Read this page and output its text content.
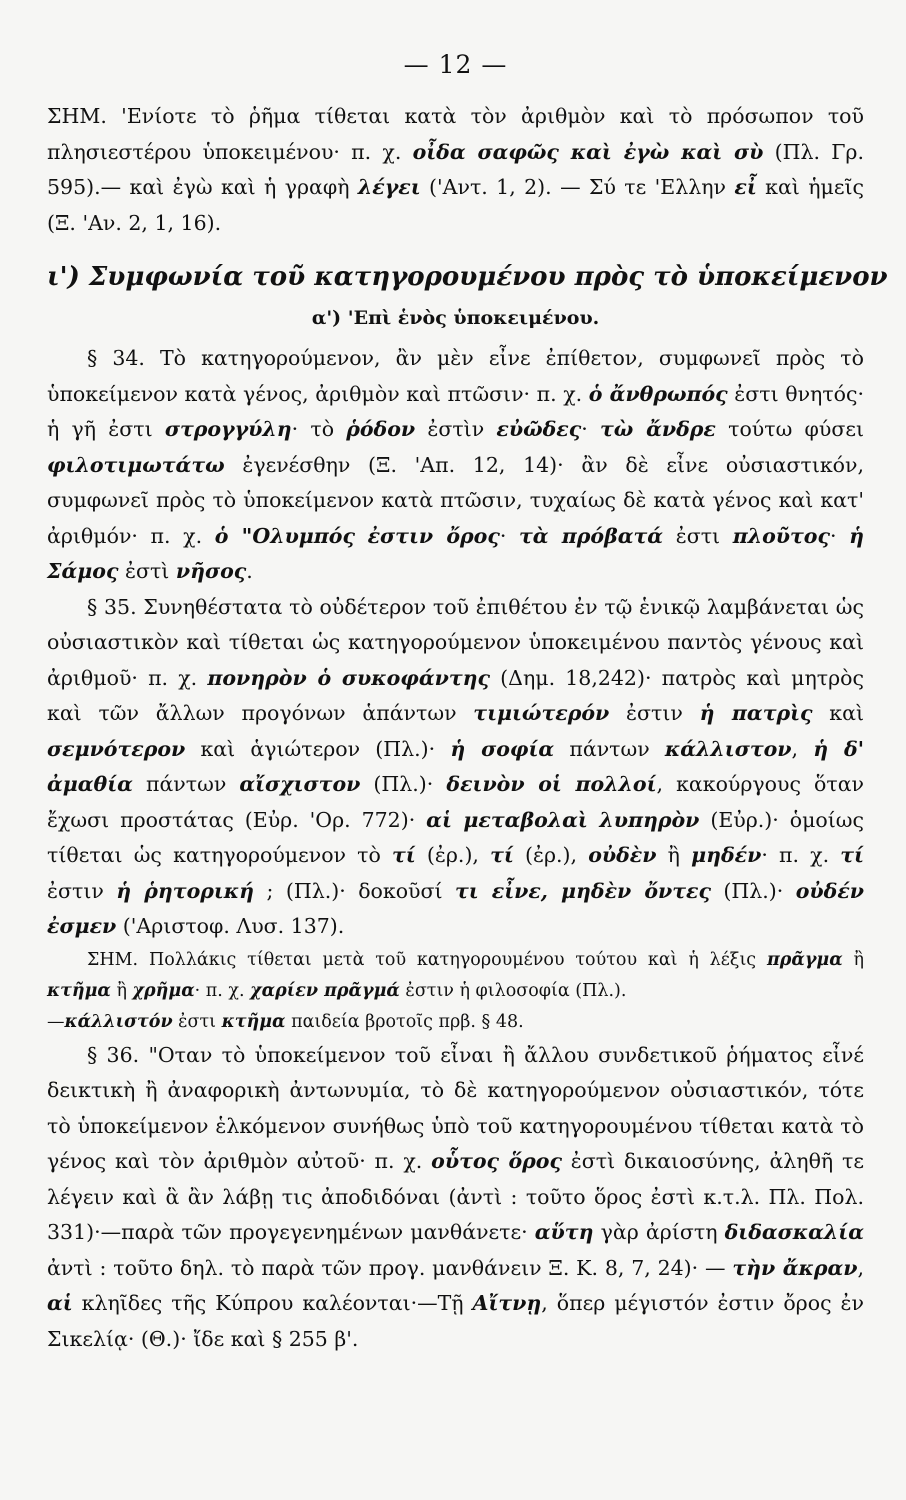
— 12 —

ΣΗΜ. 'Ενίοτε τὸ ῥῆμα τίθεται κατὰ τὸν ἀριθμὸν καὶ τὸ πρόσωπον τοῦ πλησιεστέρου ὑποκειμένου· π. χ. οἶδα σαφῶς καὶ ἐγὼ καὶ σὺ (Πλ. Γρ. 595).— καὶ ἐγὼ καὶ ἡ γραφὴ λέγει ('Αντ. 1, 2). — Σύ τε 'Ελλην εἶ καὶ ἡμεῖς (Ξ. 'Αν. 2, 1, 16).

ι') Συμφωνία τοῦ κατηγορουμένου πρὸς τὸ ὑποκείμενον
α') 'Επὶ ἑνὸς ὑποκειμένου.

§ 34. Τὸ κατηγορούμενον, ἂν μὲν εἶνε ἐπίθετον, συμφωνεῖ πρὸς τὸ ὑποκείμενον κατὰ γένος, ἀριθμὸν καὶ πτῶσιν· π. χ. ὁ ἄνθρωπός ἐστι θνητός· ἡ γῆ ἐστι στρογγύλη· τὸ ῥόδον ἐστὶν εὐῶδες· τὼ ἄνδρε τούτω φύσει φιλοτιμωτάτω ἐγενέσθην (Ξ. 'Απ. 12, 14)· ἂν δὲ εἶνε οὐσιαστικόν, συμφωνεῖ πρὸς τὸ ὑποκείμενον κατὰ πτῶσιν, τυχαίως δὲ κατὰ γένος καὶ κατ' ἀριθμόν· π. χ. ὁ "Ολυμπός ἐστιν ὄρος· τὰ πρόβατά ἐστι πλοῦτος· ἡ Σάμος ἐστὶ νῆσος.

§ 35. Συνηθέστατα τὸ οὐδέτερον τοῦ ἐπιθέτου ἐν τῷ ἑνικῷ λαμβάνεται ὡς οὐσιαστικὸν καὶ τίθεται ὡς κατηγορούμενον ὑποκειμένου παντὸς γένους καὶ ἀριθμοῦ· π. χ. πονηρὸν ὁ συκοφάντης (Δημ. 18,242)· πατρὸς καὶ μητρὸς καὶ τῶν ἄλλων προγόνων ἁπάντων τιμιώτερόν ἐστιν ἡ πατρὶς καὶ σεμνότερον καὶ ἁγιώτερον (Πλ.)· ἡ σοφία πάντων κάλλιστον, ἡ δ' ἀμαθία πάντων αἴσχιστον (Πλ.)· δεινὸν οἱ πολλοί, κακούργους ὅταν ἔχωσι προστάτας (Εὐρ. 'Ορ. 772)· αἱ μεταβολαὶ λυπηρὸν (Εὐρ.)· ὁμοίως τίθεται ὡς κατηγορούμενον τὸ τί (ἐρ.), τί (ἐρ.), οὐδὲν ἢ μηδέν· π. χ. τί ἐστιν ἡ ῥητορική ; (Πλ.)· δοκοῦσί τι εἶνε, μηδὲν ὄντες (Πλ.)· οὐδέν ἐσμεν ('Αριστοφ. Λυσ. 137).

ΣΗΜ. Πολλάκις τίθεται μετὰ τοῦ κατηγορουμένου τούτου καὶ ἡ λέξις πρᾶγμα ἢ κτῆμα ἢ χρῆμα· π. χ. χαρίεν πρᾶγμά ἐστιν ἡ φιλοσοφία (Πλ.).
—κάλλιστόν ἐστι κτῆμα παιδεία βροτοῖς πρβ. § 48.

§ 36. "Οταν τὸ ὑποκείμενον τοῦ εἶναι ἢ ἄλλου συνδετικοῦ ῥήματος εἶνέ δεικτικὴ ἢ ἀναφορικὴ ἀντωνυμία, τὸ δὲ κατηγορούμενον οὐσιαστικόν, τότε τὸ ὑποκείμενον ἑλκόμενον συνήθως ὑπὸ τοῦ κατηγορουμένου τίθεται κατὰ τὸ γένος καὶ τὸν ἀριθμὸν αὐτοῦ· π. χ. οὗτος ὅρος ἐστὶ δικαιοσύνης, ἀληθῆ τε λέγειν καὶ ἃ ἂν λάβῃ τις ἀποδιδόναι (ἀντὶ : τοῦτο ὅρος ἐστὶ κ.τ.λ. Πλ. Πολ. 331)·—παρὰ τῶν προγεγενημένων μανθάνετε· αὕτη γὰρ ἀρίστη διδασκαλία ἀντὶ : τοῦτο δηλ. τὸ παρὰ τῶν προγ. μανθάνειν Ξ. Κ. 8, 7, 24)· — τὴν ἄκραν, αἱ κληῖδες τῆς Κύπρου καλέονται·—Τῇ Αἴτνῃ, ὅπερ μέγιστόν ἐστιν ὄρος ἐν Σικελίᾳ· (Θ.)· ἴδε καὶ § 255 β'.
